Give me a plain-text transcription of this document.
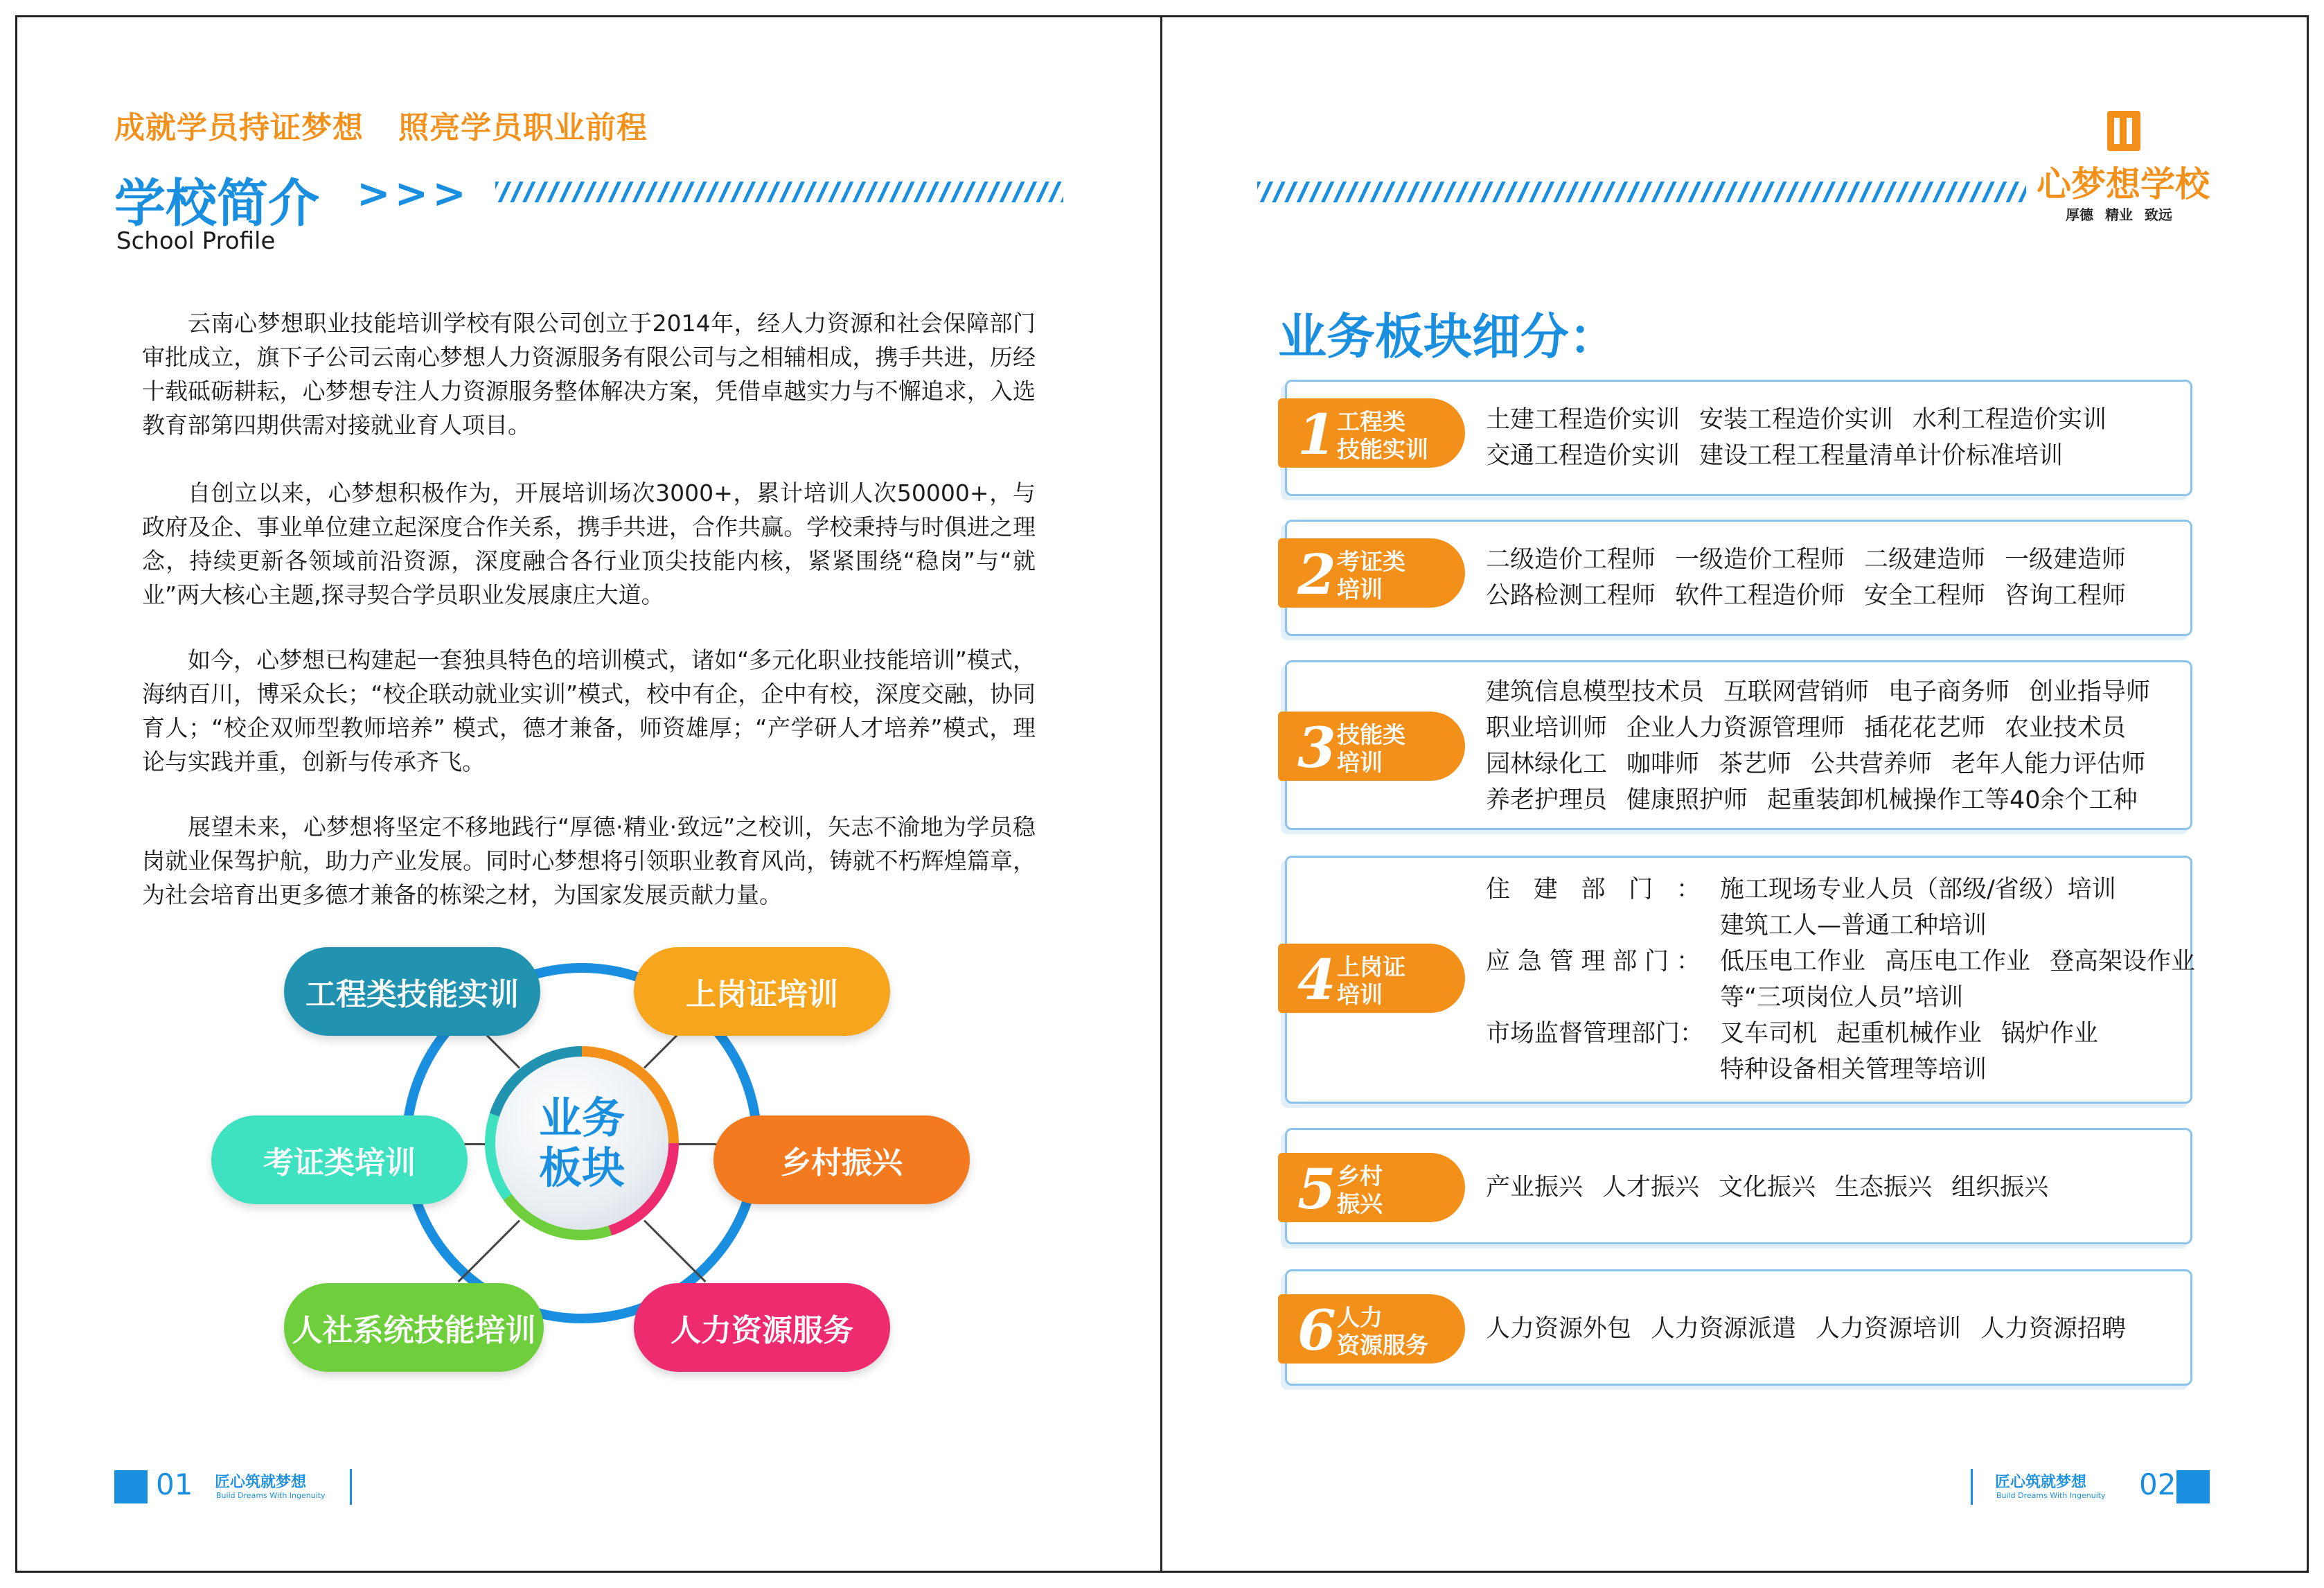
成就学员持证梦想 照亮学员职业前程
学校简介 >>>
School Profile

云南心梦想职业技能培训学校有限公司创立于2014年，经人力资源和社会保障部门审批成立，旗下子公司云南心梦想人力资源服务有限公司与之相辅相成，携手共进，历经十载砥砺耕耘，心梦想专注人力资源服务整体解决方案，凭借卓越实力与不懈追求，入选教育部第四期供需对接就业育人项目。

自创立以来，心梦想积极作为，开展培训场次3000+，累计培训人次50000+，与政府及企、事业单位建立起深度合作关系，携手共进，合作共赢。学校秉持与时俱进之理念，持续更新各领域前沿资源，深度融合各行业顶尖技能内核，紧紧围绕“稳岗”与“就业”两大核心主题,探寻契合学员职业发展康庄大道。

如今，心梦想已构建起一套独具特色的培训模式，诸如“多元化职业技能培训”模式，海纳百川，博采众长；“校企联动就业实训”模式，校中有企，企中有校，深度交融，协同育人；“校企双师型教师培养” 模式，德才兼备，师资雄厚；“产学研人才培养”模式，理论与实践并重，创新与传承齐飞。

展望未来，心梦想将坚定不移地践行“厚德·精业·致远”之校训，矢志不渝地为学员稳岗就业保驾护航，助力产业发展。同时心梦想将引领职业教育风尚，铸就不朽辉煌篇章，为社会培育出更多德才兼备的栋梁之材，为国家发展贡献力量。

业务板块
工程类技能实训	上岗证培训
乡村振兴
人力资源服务
人社系统技能培训
考证类培训
01 匠心筑就梦想
Build Dreams With Ingenuity
心梦想学校
厚德 精业 致远
业务板块细分：
1 工程类
技能实训
土建工程造价实训 安装工程造价实训 水利工程造价实训
交通工程造价实训 建设工程工程量清单计价标准培训
2 考证类
培训
二级造价工程师 一级造价工程师 二级建造师 一级建造师
公路检测工程师 软件工程造价师 安全工程师 咨询工程师
3 技能类
培训
建筑信息模型技术员 互联网营销师 电子商务师 创业指导师
职业培训师 企业人力资源管理师 插花花艺师 农业技术员
园林绿化工 咖啡师 茶艺师 公共营养师 老年人能力评估师
养老护理员 健康照护师 起重装卸机械操作工等40余个工种
4 上岗证
培训
住建部门： 施工现场专业人员（部级/省级）培训
建筑工人—普通工种培训
应急管理部门： 低压电工作业 高压电工作业 登高架设作业
等“三项岗位人员”培训
市场监督管理部门： 叉车司机 起重机械作业 锅炉作业
特种设备相关管理等培训
5 乡村
振兴
产业振兴 人才振兴 文化振兴 生态振兴 组织振兴
6 人力
资源服务
人力资源外包 人力资源派遣 人力资源培训 人力资源招聘
匠心筑就梦想
Build Dreams With Ingenuity 02
